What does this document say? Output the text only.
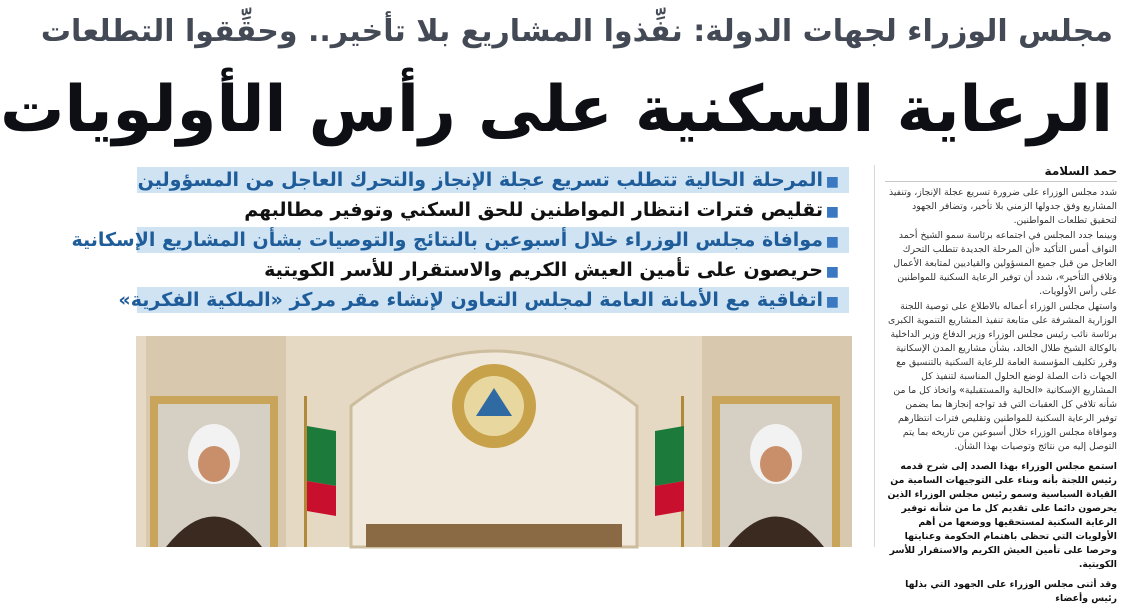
مجلس الوزراء لجهات الدولة: نفِّذوا المشاريع بلا تأخير.. وحقِّقوا التطلعات
الرعاية السكنية على رأس الأولويات
■المرحلة الحالية تتطلب تسريع عجلة الإنجاز والتحرك العاجل من المسؤولين
■تقليص فترات انتظار المواطنين للحق السكني وتوفير مطالبهم
■موافاة مجلس الوزراء خلال أسبوعين بالنتائج والتوصيات بشأن المشاريع الإسكانية
■حريصون على تأمين العيش الكريم والاستقرار للأسر الكويتية
■اتفاقية مع الأمانة العامة لمجلس التعاون لإنشاء مقر مركز «الملكية الفكرية»
حمد السلامة

شدد مجلس الوزراء على ضرورة تسريع عجلة الإنجاز، وتنفيذ المشاريع وفق جدولها الزمني بلا تأخير، وتضافر الجهود لتحقيق تطلعات المواطنين.

وبينما جدد المجلس في اجتماعه برئاسة سمو الشيخ أحمد النواف أمس التأكيد «أن المرحلة الجديدة تتطلب التحرك العاجل من قبل جميع المسؤولين والقياديين لمتابعة الأعمال وتلافي التأخير»، شدد أن توفير الرعاية السكنية للمواطنين على رأس الأولويات.

واستهل مجلس الوزراء أعماله بالاطلاع على توصية اللجنة الوزارية المشرفة على متابعة تنفيذ المشاريع التنموية الكبرى برئاسة نائب رئيس مجلس الوزراء وزير الدفاع وزير الداخلية بالوكالة الشيخ طلال الخالد، بشأن مشاريع المدن الإسكانية وقرر تكليف المؤسسة العامة للرعاية السكنية بالتنسيق مع الجهات ذات الصلة لوضع الحلول المناسبة لتنفيذ كل المشاريع الإسكانية «الحالية والمستقبلية» واتخاذ كل ما من شأنه تلافي كل العقبات التي قد تواجه إنجازها بما يضمن توفير الرعاية السكنية للمواطنين وتقليص فترات انتظارهم وموافاة مجلس الوزراء خلال أسبوعين من تاريخه بما يتم التوصل إليه من نتائج وتوصيات بهذا الشأن.

استمع مجلس الوزراء بهذا الصدد إلى شرح قدمه رئيس اللجنة بأنه وبناء على التوجيهات السامية من القيادة السياسية وسمو رئيس مجلس الوزراء الذين يحرصون دائما على تقديم كل ما من شأنه توفير الرعاية السكنية لمستحقيها ووضعها من أهم الأولويات التي تحظى باهتمام الحكومة وعنايتها وحرصا على تأمين العيش الكريم والاستقرار للأسر الكويتية.

وقد أثنى مجلس الوزراء على الجهود التي بذلها رئيس وأعضاء
